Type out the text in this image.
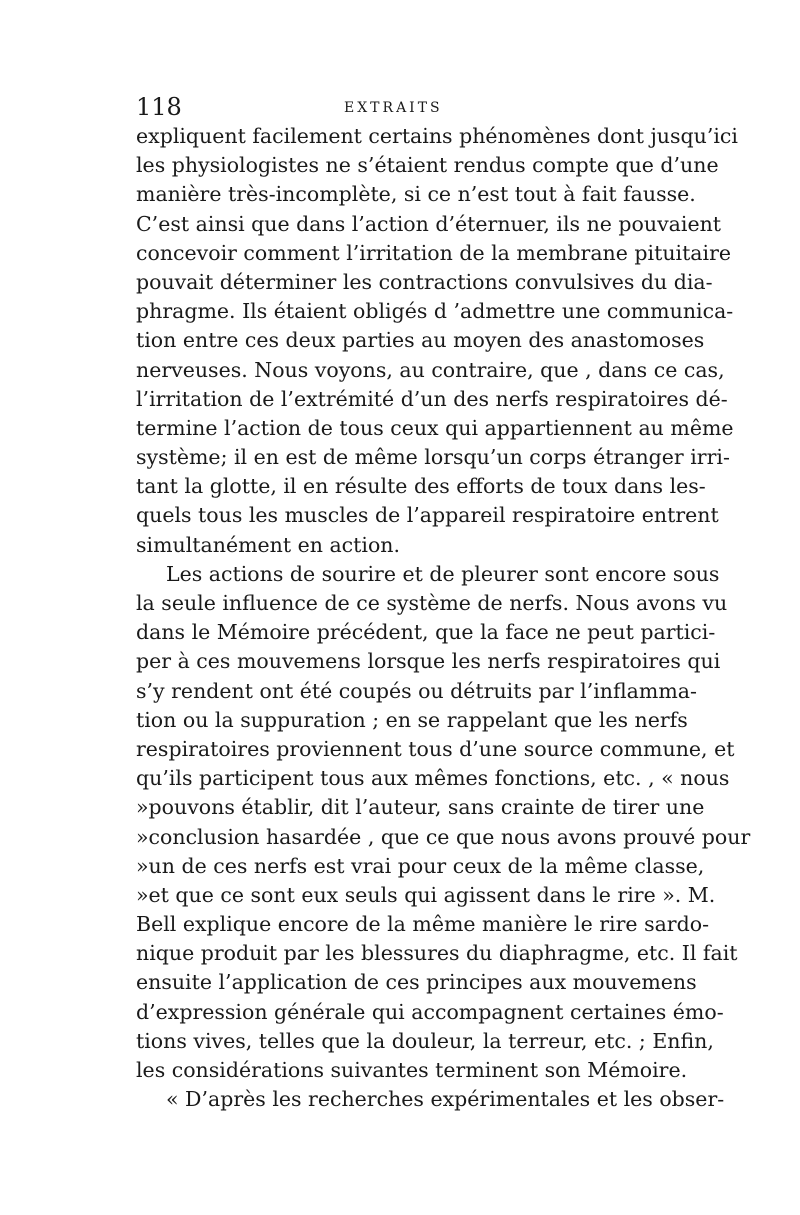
118	EXTRAITS
expliquent facilement certains phénomènes dont jusqu’ici
les physiologistes ne s’étaient rendus compte que d’une
manière très-incomplète, si ce n’est tout à fait fausse.
C’est ainsi que dans l’action d’éternuer, ils ne pouvaient
concevoir comment l’irritation de la membrane pituitaire
pouvait déterminer les contractions convulsives du dia-
phragme. Ils étaient obligés d ’admettre une communica-
tion entre ces deux parties au moyen des anastomoses
nerveuses. Nous voyons, au contraire, que , dans ce cas,
l’irritation de l’extrémité d’un des nerfs respiratoires dé-
termine l’action de tous ceux qui appartiennent au même
système; il en est de même lorsqu’un corps étranger irri-
tant la glotte, il en résulte des efforts de toux dans les-
quels tous les muscles de l’appareil respiratoire entrent
simultanément en action.
Les actions de sourire et de pleurer sont encore sous
la seule influence de ce système de nerfs. Nous avons vu
dans le Mémoire précédent, que la face ne peut partici-
per à ces mouvemens lorsque les nerfs respiratoires qui
s’y rendent ont été coupés ou détruits par l’inflamma-
tion ou la suppuration ; en se rappelant que les nerfs
respiratoires proviennent tous d’une source commune, et
qu’ils participent tous aux mêmes fonctions, etc. , « nous
»pouvons établir, dit l’auteur, sans crainte de tirer une
»conclusion hasardée , que ce que nous avons prouvé pour
»un de ces nerfs est vrai pour ceux de la même classe,
»et que ce sont eux seuls qui agissent dans le rire ». M.
Bell explique encore de la même manière le rire sardo-
nique produit par les blessures du diaphragme, etc. Il fait
ensuite l’application de ces principes aux mouvemens
d’expression générale qui accompagnent certaines émo-
tions vives, telles que la douleur, la terreur, etc. ; Enfin,
les considérations suivantes terminent son Mémoire.
« D’après les recherches expérimentales et les obser-
